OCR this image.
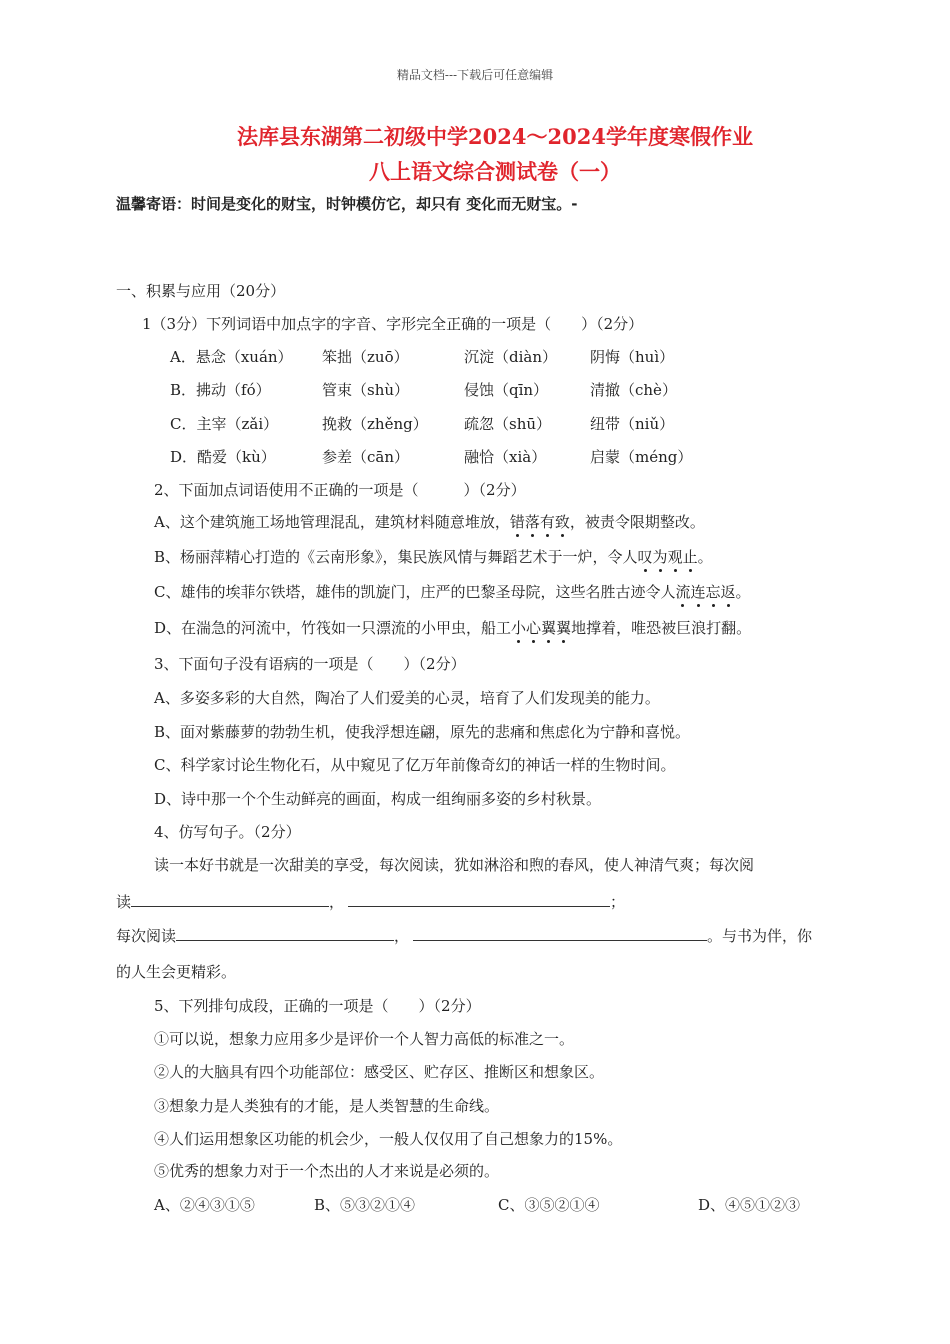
精品文档---下载后可任意编辑
法库县东湖第二初级中学2024～2024学年度寒假作业
八上语文综合测试卷（一）
温馨寄语：时间是变化的财宝，时钟模仿它，却只有 变化而无财宝。-
一、积累与应用（20分）
1（3分）下列词语中加点字的字音、字形完全正确的一项是（　　）（2分）
A．悬念（xuán） 笨拙（zuō）	沉淀（diàn） 阴悔（huì）
B．拂动（fó）	管束（shù）	侵蚀（qīn）	清撤（chè）
C．主宰（zǎi）	挽救（zhěng） 疏忽（shū）	纽带（niǔ）
D．酷爱（kù）	参差（cān）	融恰（xià）	启蒙（méng）
2、下面加点词语使用不正确的一项是（　　　）（2分）
A、这个建筑施工场地管理混乱，建筑材料随意堆放，错落有致，被责令限期整改。
B、杨丽萍精心打造的《云南形象》，集民族风情与舞蹈艺术于一炉，令人叹为观止。
C、雄伟的埃菲尔铁塔，雄伟的凯旋门，庄严的巴黎圣母院，这些名胜古迹令人流连忘返。
D、在湍急的河流中，竹筏如一只漂流的小甲虫，船工小心翼翼地撑着，唯恐被巨浪打翻。
3、下面句子没有语病的一项是（　　）（2分）
A、多姿多彩的大自然，陶冶了人们爱美的心灵，培育了人们发现美的能力。
B、面对紫藤萝的勃勃生机，使我浮想连翩，原先的悲痛和焦虑化为宁静和喜悦。
C、科学家讨论生物化石，从中窥见了亿万年前像奇幻的神话一样的生物时间。
D、诗中那一个个生动鲜亮的画面，构成一组绚丽多姿的乡村秋景。
4、仿写句子。（2分）
读一本好书就是一次甜美的享受，每次阅读，犹如淋浴和煦的春风，使人神清气爽；每次阅
读	，	；
每次阅读	，	。与书为伴，你
的人生会更精彩。
5、下列排句成段，正确的一项是（　　）（2分）
①可以说，想象力应用多少是评价一个人智力高低的标准之一。
②人的大脑具有四个功能部位：感受区、贮存区、推断区和想象区。
③想象力是人类独有的才能，是人类智慧的生命线。
④人们运用想象区功能的机会少，一般人仅仅用了自己想象力的15%。
⑤优秀的想象力对于一个杰出的人才来说是必须的。
A、②④③①⑤	B、⑤③②①④	C、③⑤②①④	D、④⑤①②③
